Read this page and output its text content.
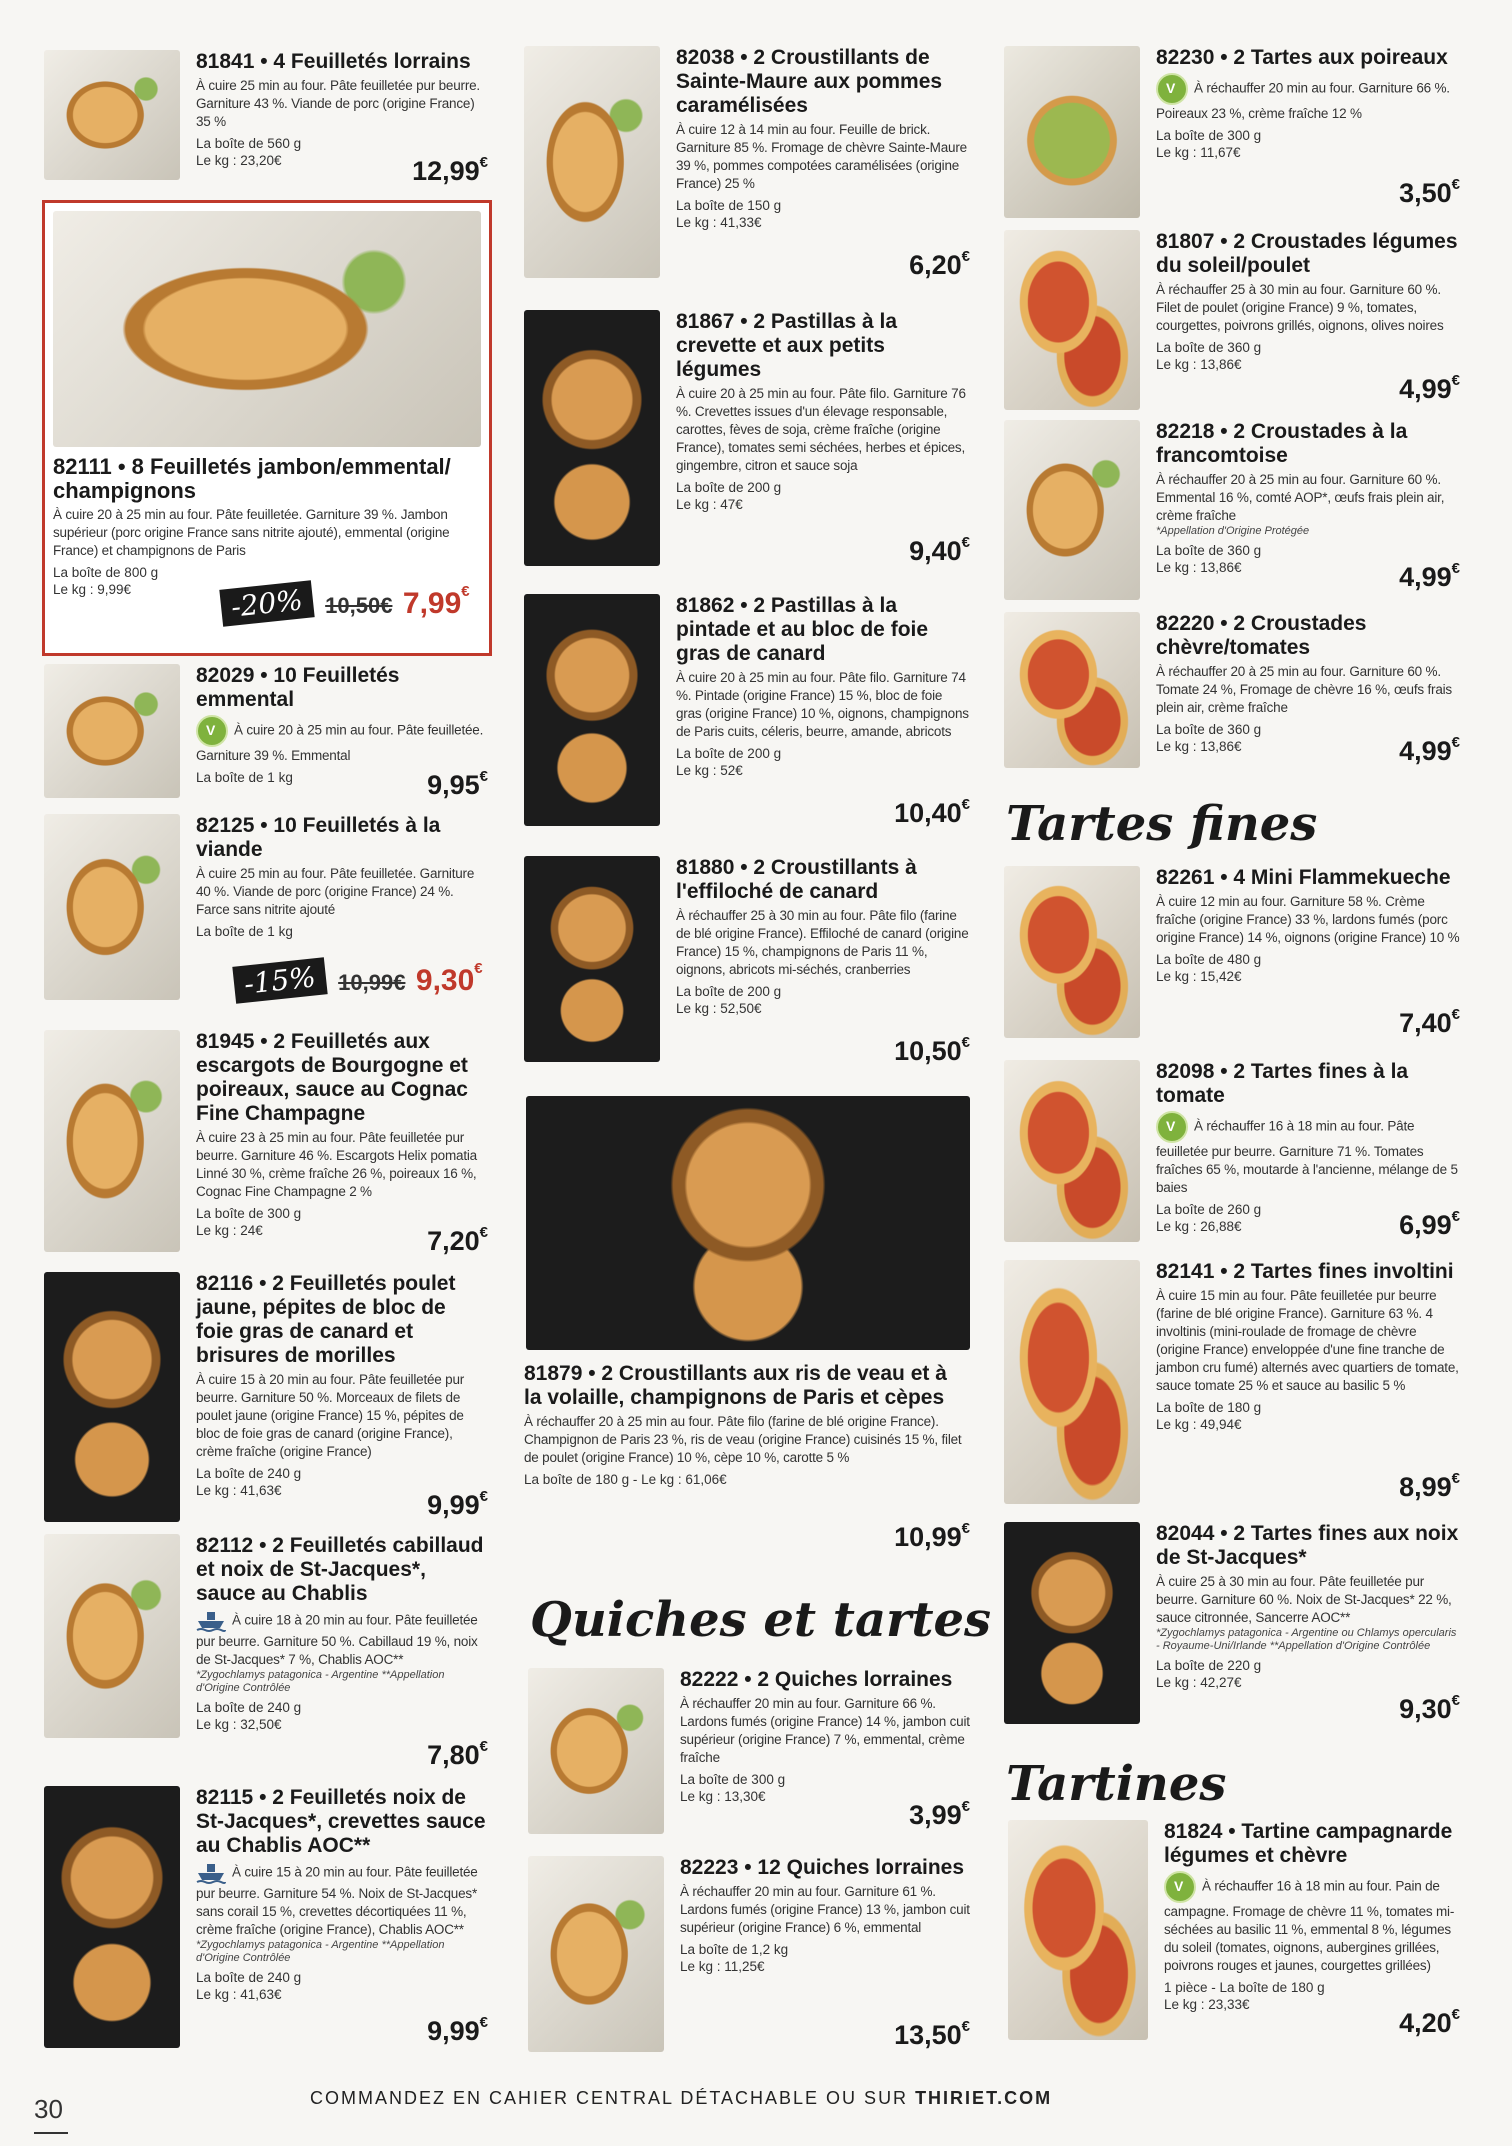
81841 • 4 Feuilletés lorrains

À cuire 25 min au four. Pâte feuilletée pur beurre. Garniture 43 %. Viande de porc (origine France) 35 %
La boîte de 560 g
Le kg : 23,20€	12,99€

82111 • 8 Feuilletés jambon/emmental/ champignons

À cuire 20 à 25 min au four. Pâte feuilletée. Garniture 39 %. Jambon supérieur (porc origine France sans nitrite ajouté), emmental (origine France) et champignons de Paris
La boîte de 800 g
Le kg : 9,99€	-20% 10,50€ 7,99€

82029 • 10 Feuilletés emmental

VÀ cuire 20 à 25 min au four. Pâte feuilletée. Garniture 39 %. Emmental
La boîte de 1 kg	9,95€

82125 • 10 Feuilletés à la viande

À cuire 25 min au four. Pâte feuilletée. Garniture 40 %. Viande de porc (origine France) 24 %. Farce sans nitrite ajouté
La boîte de 1 kg
-15% 10,99€ 9,30€

81945 • 2 Feuilletés aux escargots de Bourgogne et poireaux, sauce au Cognac Fine Champagne

À cuire 23 à 25 min au four. Pâte feuilletée pur beurre. Garniture 46 %. Escargots Helix pomatia Linné 30 %, crème fraîche 26 %, poireaux 16 %, Cognac Fine Champagne 2 %
La boîte de 300 g
Le kg : 24€	7,20€

82116 • 2 Feuilletés poulet jaune, pépites de bloc de foie gras de canard et brisures de morilles

À cuire 15 à 20 min au four. Pâte feuilletée pur beurre. Garniture 50 %. Morceaux de filets de poulet jaune (origine France) 15 %, pépites de bloc de foie gras de canard (origine France), crème fraîche (origine France)
La boîte de 240 g
Le kg : 41,63€	9,99€

82112 • 2 Feuilletés cabillaud et noix de St-Jacques*, sauce au Chablis

À cuire 18 à 20 min au four. Pâte feuilletée pur beurre. Garniture 50 %. Cabillaud 19 %, noix de St-Jacques* 7 %, Chablis AOC**
*Zygochlamys patagonica - Argentine **Appellation d'Origine Contrôlée
La boîte de 240 g
Le kg : 32,50€
7,80€

82115 • 2 Feuilletés noix de St-Jacques*, crevettes sauce au Chablis AOC**

À cuire 15 à 20 min au four. Pâte feuilletée pur beurre. Garniture 54 %. Noix de St-Jacques* sans corail 15 %, crevettes décortiquées 11 %, crème fraîche (origine France), Chablis AOC**
*Zygochlamys patagonica - Argentine **Appellation d'Origine Contrôlée
La boîte de 240 g
Le kg : 41,63€
9,99€

82038 • 2 Croustillants de Sainte-Maure aux pommes caramélisées

À cuire 12 à 14 min au four. Feuille de brick. Garniture 85 %. Fromage de chèvre Sainte-Maure 39 %, pommes compotées caramélisées (origine France) 25 %
La boîte de 150 g
Le kg : 41,33€
6,20€

81867 • 2 Pastillas à la crevette et aux petits légumes

À cuire 20 à 25 min au four. Pâte filo. Garniture 76 %. Crevettes issues d'un élevage responsable, carottes, fèves de soja, crème fraîche (origine France), tomates semi séchées, herbes et épices, gingembre, citron et sauce soja
La boîte de 200 g
Le kg : 47€
9,40€

81862 • 2 Pastillas à la pintade et au bloc de foie gras de canard

À cuire 20 à 25 min au four. Pâte filo. Garniture 74 %. Pintade (origine France) 15 %, bloc de foie gras (origine France) 10 %, oignons, champignons de Paris cuits, céleris, beurre, amande, abricots
La boîte de 200 g
Le kg : 52€
10,40€

81880 • 2 Croustillants à l'effiloché de canard

À réchauffer 25 à 30 min au four. Pâte filo (farine de blé origine France). Effiloché de canard (origine France) 15 %, champignons de Paris 11 %, oignons, abricots mi-séchés, cranberries
La boîte de 200 g
Le kg : 52,50€
10,50€

81879 • 2 Croustillants aux ris de veau et à la volaille, champignons de Paris et cèpes

À réchauffer 20 à 25 min au four. Pâte filo (farine de blé origine France). Champignon de Paris 23 %, ris de veau (origine France) cuisinés 15 %, filet de poulet (origine France) 10 %, cèpe 10 %, carotte 5 %
La boîte de 180 g - Le kg : 61,06€
10,99€
Quiches et tartes

82222 • 2 Quiches lorraines

À réchauffer 20 min au four. Garniture 66 %. Lardons fumés (origine France) 14 %, jambon cuit supérieur (origine France) 7 %, emmental, crème fraîche
La boîte de 300 g
Le kg : 13,30€
3,99€

82223 • 12 Quiches lorraines

À réchauffer 20 min au four. Garniture 61 %. Lardons fumés (origine France) 13 %, jambon cuit supérieur (origine France) 6 %, emmental
La boîte de 1,2 kg
Le kg : 11,25€
13,50€

82230 • 2 Tartes aux poireaux

VÀ réchauffer 20 min au four. Garniture 66 %. Poireaux 23 %, crème fraîche 12 %
La boîte de 300 g
Le kg : 11,67€
3,50€

81807 • 2 Croustades légumes du soleil/poulet

À réchauffer 25 à 30 min au four. Garniture 60 %. Filet de poulet (origine France) 9 %, tomates, courgettes, poivrons grillés, oignons, olives noires
La boîte de 360 g
Le kg : 13,86€
4,99€

82218 • 2 Croustades à la francomtoise

À réchauffer 20 à 25 min au four. Garniture 60 %. Emmental 16 %, comté AOP*, œufs frais plein air, crème fraîche
*Appellation d'Origine Protégée
La boîte de 360 g
Le kg : 13,86€	4,99€

82220 • 2 Croustades chèvre/tomates

À réchauffer 20 à 25 min au four. Garniture 60 %. Tomate 24 %, Fromage de chèvre 16 %, œufs frais plein air, crème fraîche
La boîte de 360 g
Le kg : 13,86€	4,99€
Tartes fines

82261 • 4 Mini Flammekueche

À cuire 12 min au four. Garniture 58 %. Crème fraîche (origine France) 33 %, lardons fumés (porc origine France) 14 %, oignons (origine France) 10 %
La boîte de 480 g
Le kg : 15,42€
7,40€

82098 • 2 Tartes fines à la tomate

VÀ réchauffer 16 à 18 min au four. Pâte feuilletée pur beurre. Garniture 71 %. Tomates fraîches 65 %, moutarde à l'ancienne, mélange de 5 baies
La boîte de 260 g
Le kg : 26,88€	6,99€

82141 • 2 Tartes fines involtini

À cuire 15 min au four. Pâte feuilletée pur beurre (farine de blé origine France). Garniture 63 %. 4 involtinis (mini-roulade de fromage de chèvre (origine France) enveloppée d'une fine tranche de jambon cru fumé) alternés avec quartiers de tomate, sauce tomate 25 % et sauce au basilic 5 %
La boîte de 180 g
Le kg : 49,94€
8,99€

82044 • 2 Tartes fines aux noix de St-Jacques*

À cuire 25 à 30 min au four. Pâte feuilletée pur beurre. Garniture 60 %. Noix de St-Jacques* 22 %, sauce citronnée, Sancerre AOC**
*Zygochlamys patagonica - Argentine ou Chlamys opercularis - Royaume-Uni/Irlande **Appellation d'Origine Contrôlée
La boîte de 220 g
Le kg : 42,27€
9,30€
Tartines

81824 • Tartine campagnarde légumes et chèvre

VÀ réchauffer 16 à 18 min au four. Pain de campagne. Fromage de chèvre 11 %, tomates mi-séchées au basilic 11 %, emmental 8 %, légumes du soleil (tomates, oignons, aubergines grillées, poivrons rouges et jaunes, courgettes grillées)
1 pièce - La boîte de 180 g
Le kg : 23,33€
4,20€
30	COMMANDEZ EN CAHIER CENTRAL DÉTACHABLE OU SUR THIRIET.COM
